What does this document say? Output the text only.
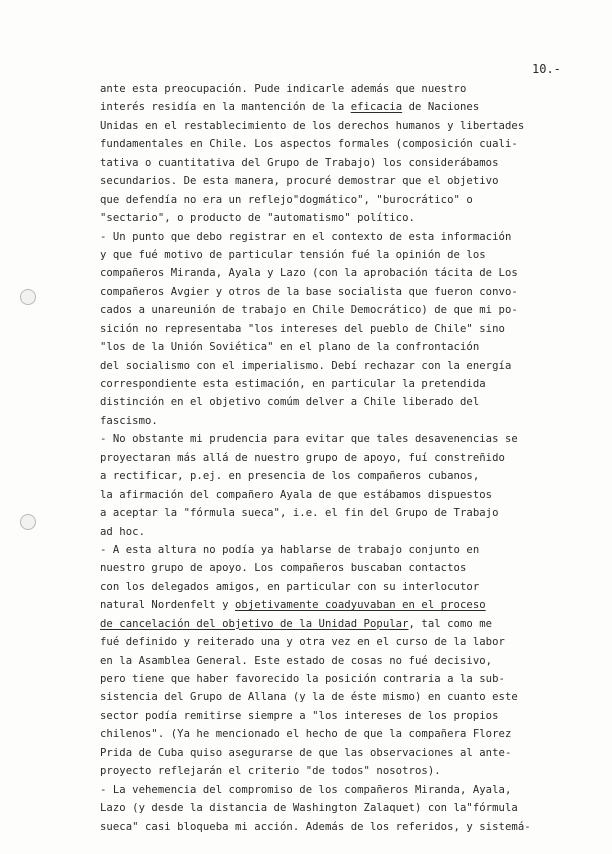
10.-
ante esta preocupación. Pude indicarle además que nuestro
interés residía en la mantención de la eficacia de Naciones
Unidas en el restablecimiento de los derechos humanos y libertades
fundamentales en Chile. Los aspectos formales (composición cuali-
tativa o cuantitativa del Grupo de Trabajo) los considerábamos
secundarios. De esta manera, procuré demostrar que el objetivo
que defendía no era un reflejo"dogmático", "burocrático" o
"sectario", o producto de "automatismo" político.
- Un punto que debo registrar en el contexto de esta información
y que fué motivo de particular tensión fué la opinión de los
compañeros Miranda, Ayala y Lazo (con la aprobación tácita de Los
compañeros Avgier y otros de la base socialista que fueron convo-
cados a unareunión de trabajo en Chile Democrático) de que mi po-
sición no representaba "los intereses del pueblo de Chile" sino
"los de la Unión Soviética" en el plano de la confrontación
del socialismo con el imperialismo. Debí rechazar con la energía
correspondiente esta estimación, en particular la pretendida
distinción en el objetivo comúm delver a Chile liberado del
fascismo.
- No obstante mi prudencia para evitar que tales desavenencias se
proyectaran más allá de nuestro grupo de apoyo, fuí constreñido
a rectificar, p.ej. en presencia de los compañeros cubanos,
la afirmación del compañero Ayala de que estábamos dispuestos
a aceptar la "fórmula sueca", i.e. el fin del Grupo de Trabajo
ad hoc.
- A esta altura no podía ya hablarse de trabajo conjunto en
nuestro grupo de apoyo. Los compañeros buscaban contactos
con los delegados amigos, en particular con su interlocutor
natural Nordenfelt y objetivamente coadyuvaban en el proceso
de cancelación del objetivo de la Unidad Popular, tal como me
fué definido y reiterado una y otra vez en el curso de la labor
en la Asamblea General. Este estado de cosas no fué decisivo,
pero tiene que haber favorecido la posición contraria a la sub-
sistencia del Grupo de Allana (y la de éste mismo) en cuanto este
sector podía remitirse siempre a "los intereses de los propios
chilenos". (Ya he mencionado el hecho de que la compañera Florez
Prida de Cuba quiso asegurarse de que las observaciones al ante-
proyecto reflejarán el criterio "de todos" nosotros).
- La vehemencia del compromiso de los compañeros Miranda, Ayala,
Lazo (y desde la distancia de Washington Zalaquet) con la"fórmula
sueca" casi bloqueba mi acción. Además de los referidos, y sistemá-
